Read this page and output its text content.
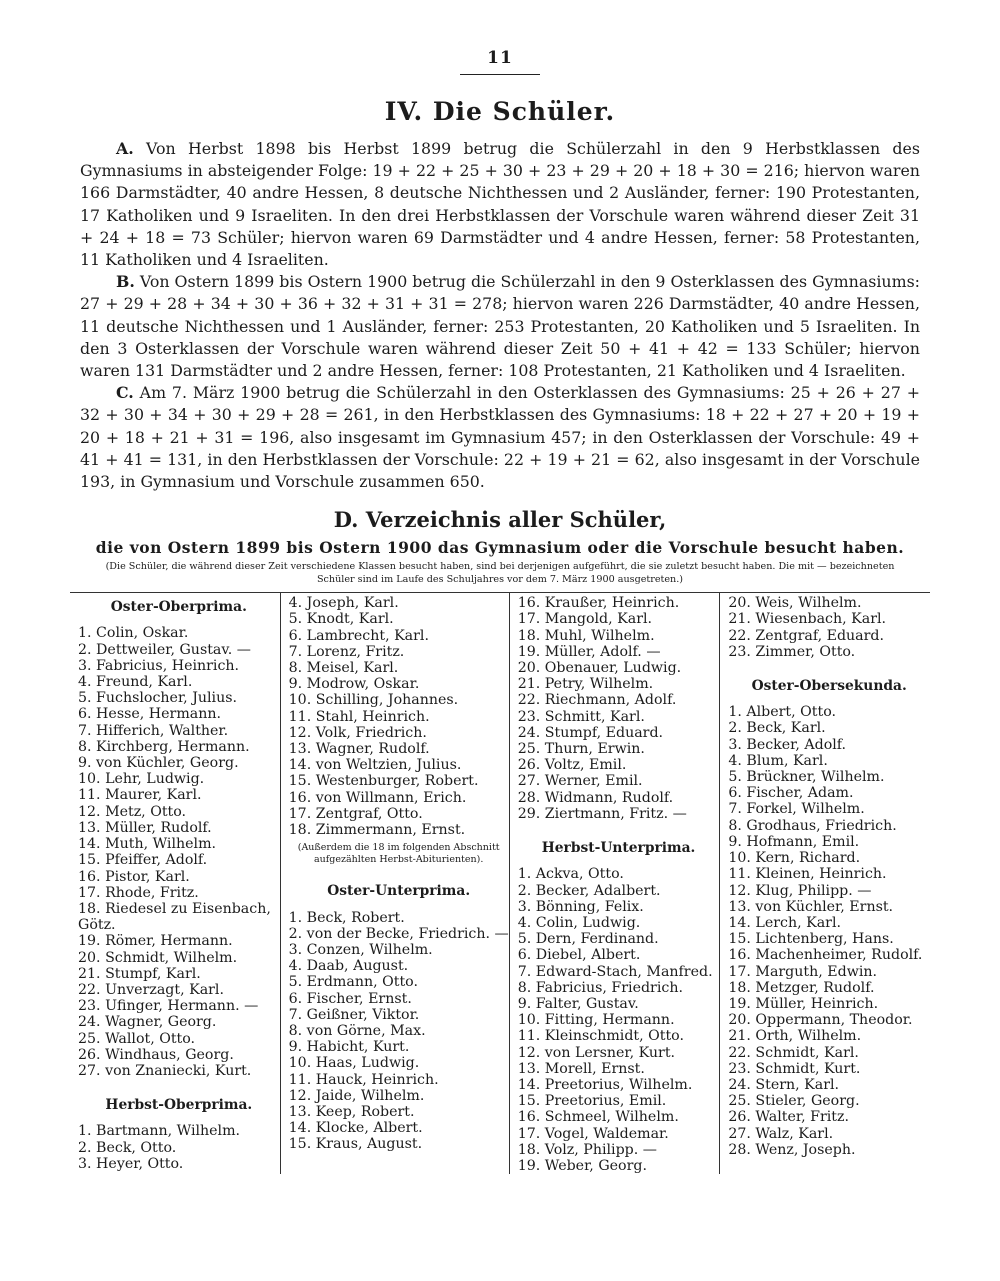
11
IV. Die Schüler.

A. Von Herbst 1898 bis Herbst 1899 betrug die Schülerzahl in den 9 Herbstklassen des Gymnasiums in absteigender Folge: 19 + 22 + 25 + 30 + 23 + 29 + 20 + 18 + 30 = 216; hiervon waren 166 Darmstädter, 40 andre Hessen, 8 deutsche Nichthessen und 2 Ausländer, ferner: 190 Protestanten, 17 Katholiken und 9 Israeliten. In den drei Herbstklassen der Vorschule waren während dieser Zeit 31 + 24 + 18 = 73 Schüler; hiervon waren 69 Darmstädter und 4 andre Hessen, ferner: 58 Protestanten, 11 Katholiken und 4 Israeliten.

B. Von Ostern 1899 bis Ostern 1900 betrug die Schülerzahl in den 9 Osterklassen des Gymnasiums: 27 + 29 + 28 + 34 + 30 + 36 + 32 + 31 + 31 = 278; hiervon waren 226 Darmstädter, 40 andre Hessen, 11 deutsche Nichthessen und 1 Ausländer, ferner: 253 Protestanten, 20 Katholiken und 5 Israeliten. In den 3 Osterklassen der Vorschule waren während dieser Zeit 50 + 41 + 42 = 133 Schüler; hiervon waren 131 Darmstädter und 2 andre Hessen, ferner: 108 Protestanten, 21 Katholiken und 4 Israeliten.

C. Am 7. März 1900 betrug die Schülerzahl in den Osterklassen des Gymnasiums: 25 + 26 + 27 + 32 + 30 + 34 + 30 + 29 + 28 = 261, in den Herbstklassen des Gymnasiums: 18 + 22 + 27 + 20 + 19 + 20 + 18 + 21 + 31 = 196, also insgesamt im Gymnasium 457; in den Osterklassen der Vorschule: 49 + 41 + 41 = 131, in den Herbstklassen der Vorschule: 22 + 19 + 21 = 62, also insgesamt in der Vorschule 193, in Gymnasium und Vorschule zusammen 650.

D. Verzeichnis aller Schüler,
die von Ostern 1899 bis Ostern 1900 das Gymnasium oder die Vorschule besucht haben.
(Die Schüler, die während dieser Zeit verschiedene Klassen besucht haben, sind bei derjenigen aufgeführt, die sie zuletzt besucht haben. Die mit — bezeichneten Schüler sind im Laufe des Schuljahres vor dem 7. März 1900 ausgetreten.)
Oster-Oberprima.
1. Colin, Oskar.
2. Dettweiler, Gustav. —
3. Fabricius, Heinrich.
4. Freund, Karl.
5. Fuchslocher, Julius.
6. Hesse, Hermann.
7. Hifferich, Walther.
8. Kirchberg, Hermann.
9. von Küchler, Georg.
10. Lehr, Ludwig.
11. Maurer, Karl.
12. Metz, Otto.
13. Müller, Rudolf.
14. Muth, Wilhelm.
15. Pfeiffer, Adolf.
16. Pistor, Karl.
17. Rhode, Fritz.
18. Riedesel zu Eisenbach,
Götz.
19. Römer, Hermann.
20. Schmidt, Wilhelm.
21. Stumpf, Karl.
22. Unverzagt, Karl.
23. Ufinger, Hermann. —
24. Wagner, Georg.
25. Wallot, Otto.
26. Windhaus, Georg.
27. von Znaniecki, Kurt.
Herbst-Oberprima.
1. Bartmann, Wilhelm.
2. Beck, Otto.
3. Heyer, Otto.
4. Joseph, Karl.
5. Knodt, Karl.
6. Lambrecht, Karl.
7. Lorenz, Fritz.
8. Meisel, Karl.
9. Modrow, Oskar.
10. Schilling, Johannes.
11. Stahl, Heinrich.
12. Volk, Friedrich.
13. Wagner, Rudolf.
14. von Weltzien, Julius.
15. Westenburger, Robert.
16. von Willmann, Erich.
17. Zentgraf, Otto.
18. Zimmermann, Ernst.
(Außerdem die 18 im folgenden Abschnitt aufgezählten Herbst-Abiturienten).
Oster-Unterprima.
1. Beck, Robert.
2. von der Becke, Friedrich. —
3. Conzen, Wilhelm.
4. Daab, August.
5. Erdmann, Otto.
6. Fischer, Ernst.
7. Geißner, Viktor.
8. von Görne, Max.
9. Habicht, Kurt.
10. Haas, Ludwig.
11. Hauck, Heinrich.
12. Jaide, Wilhelm.
13. Keep, Robert.
14. Klocke, Albert.
15. Kraus, August.
16. Kraußer, Heinrich.
17. Mangold, Karl.
18. Muhl, Wilhelm.
19. Müller, Adolf. —
20. Obenauer, Ludwig.
21. Petry, Wilhelm.
22. Riechmann, Adolf.
23. Schmitt, Karl.
24. Stumpf, Eduard.
25. Thurn, Erwin.
26. Voltz, Emil.
27. Werner, Emil.
28. Widmann, Rudolf.
29. Ziertmann, Fritz. —
Herbst-Unterprima.
1. Ackva, Otto.
2. Becker, Adalbert.
3. Bönning, Felix.
4. Colin, Ludwig.
5. Dern, Ferdinand.
6. Diebel, Albert.
7. Edward-Stach, Manfred.
8. Fabricius, Friedrich.
9. Falter, Gustav.
10. Fitting, Hermann.
11. Kleinschmidt, Otto.
12. von Lersner, Kurt.
13. Morell, Ernst.
14. Preetorius, Wilhelm.
15. Preetorius, Emil.
16. Schmeel, Wilhelm.
17. Vogel, Waldemar.
18. Volz, Philipp. —
19. Weber, Georg.
20. Weis, Wilhelm.
21. Wiesenbach, Karl.
22. Zentgraf, Eduard.
23. Zimmer, Otto.
Oster-Obersekunda.
1. Albert, Otto.
2. Beck, Karl.
3. Becker, Adolf.
4. Blum, Karl.
5. Brückner, Wilhelm.
6. Fischer, Adam.
7. Forkel, Wilhelm.
8. Grodhaus, Friedrich.
9. Hofmann, Emil.
10. Kern, Richard.
11. Kleinen, Heinrich.
12. Klug, Philipp. —
13. von Küchler, Ernst.
14. Lerch, Karl.
15. Lichtenberg, Hans.
16. Machenheimer, Rudolf.
17. Marguth, Edwin.
18. Metzger, Rudolf.
19. Müller, Heinrich.
20. Oppermann, Theodor.
21. Orth, Wilhelm.
22. Schmidt, Karl.
23. Schmidt, Kurt.
24. Stern, Karl.
25. Stieler, Georg.
26. Walter, Fritz.
27. Walz, Karl.
28. Wenz, Joseph.
